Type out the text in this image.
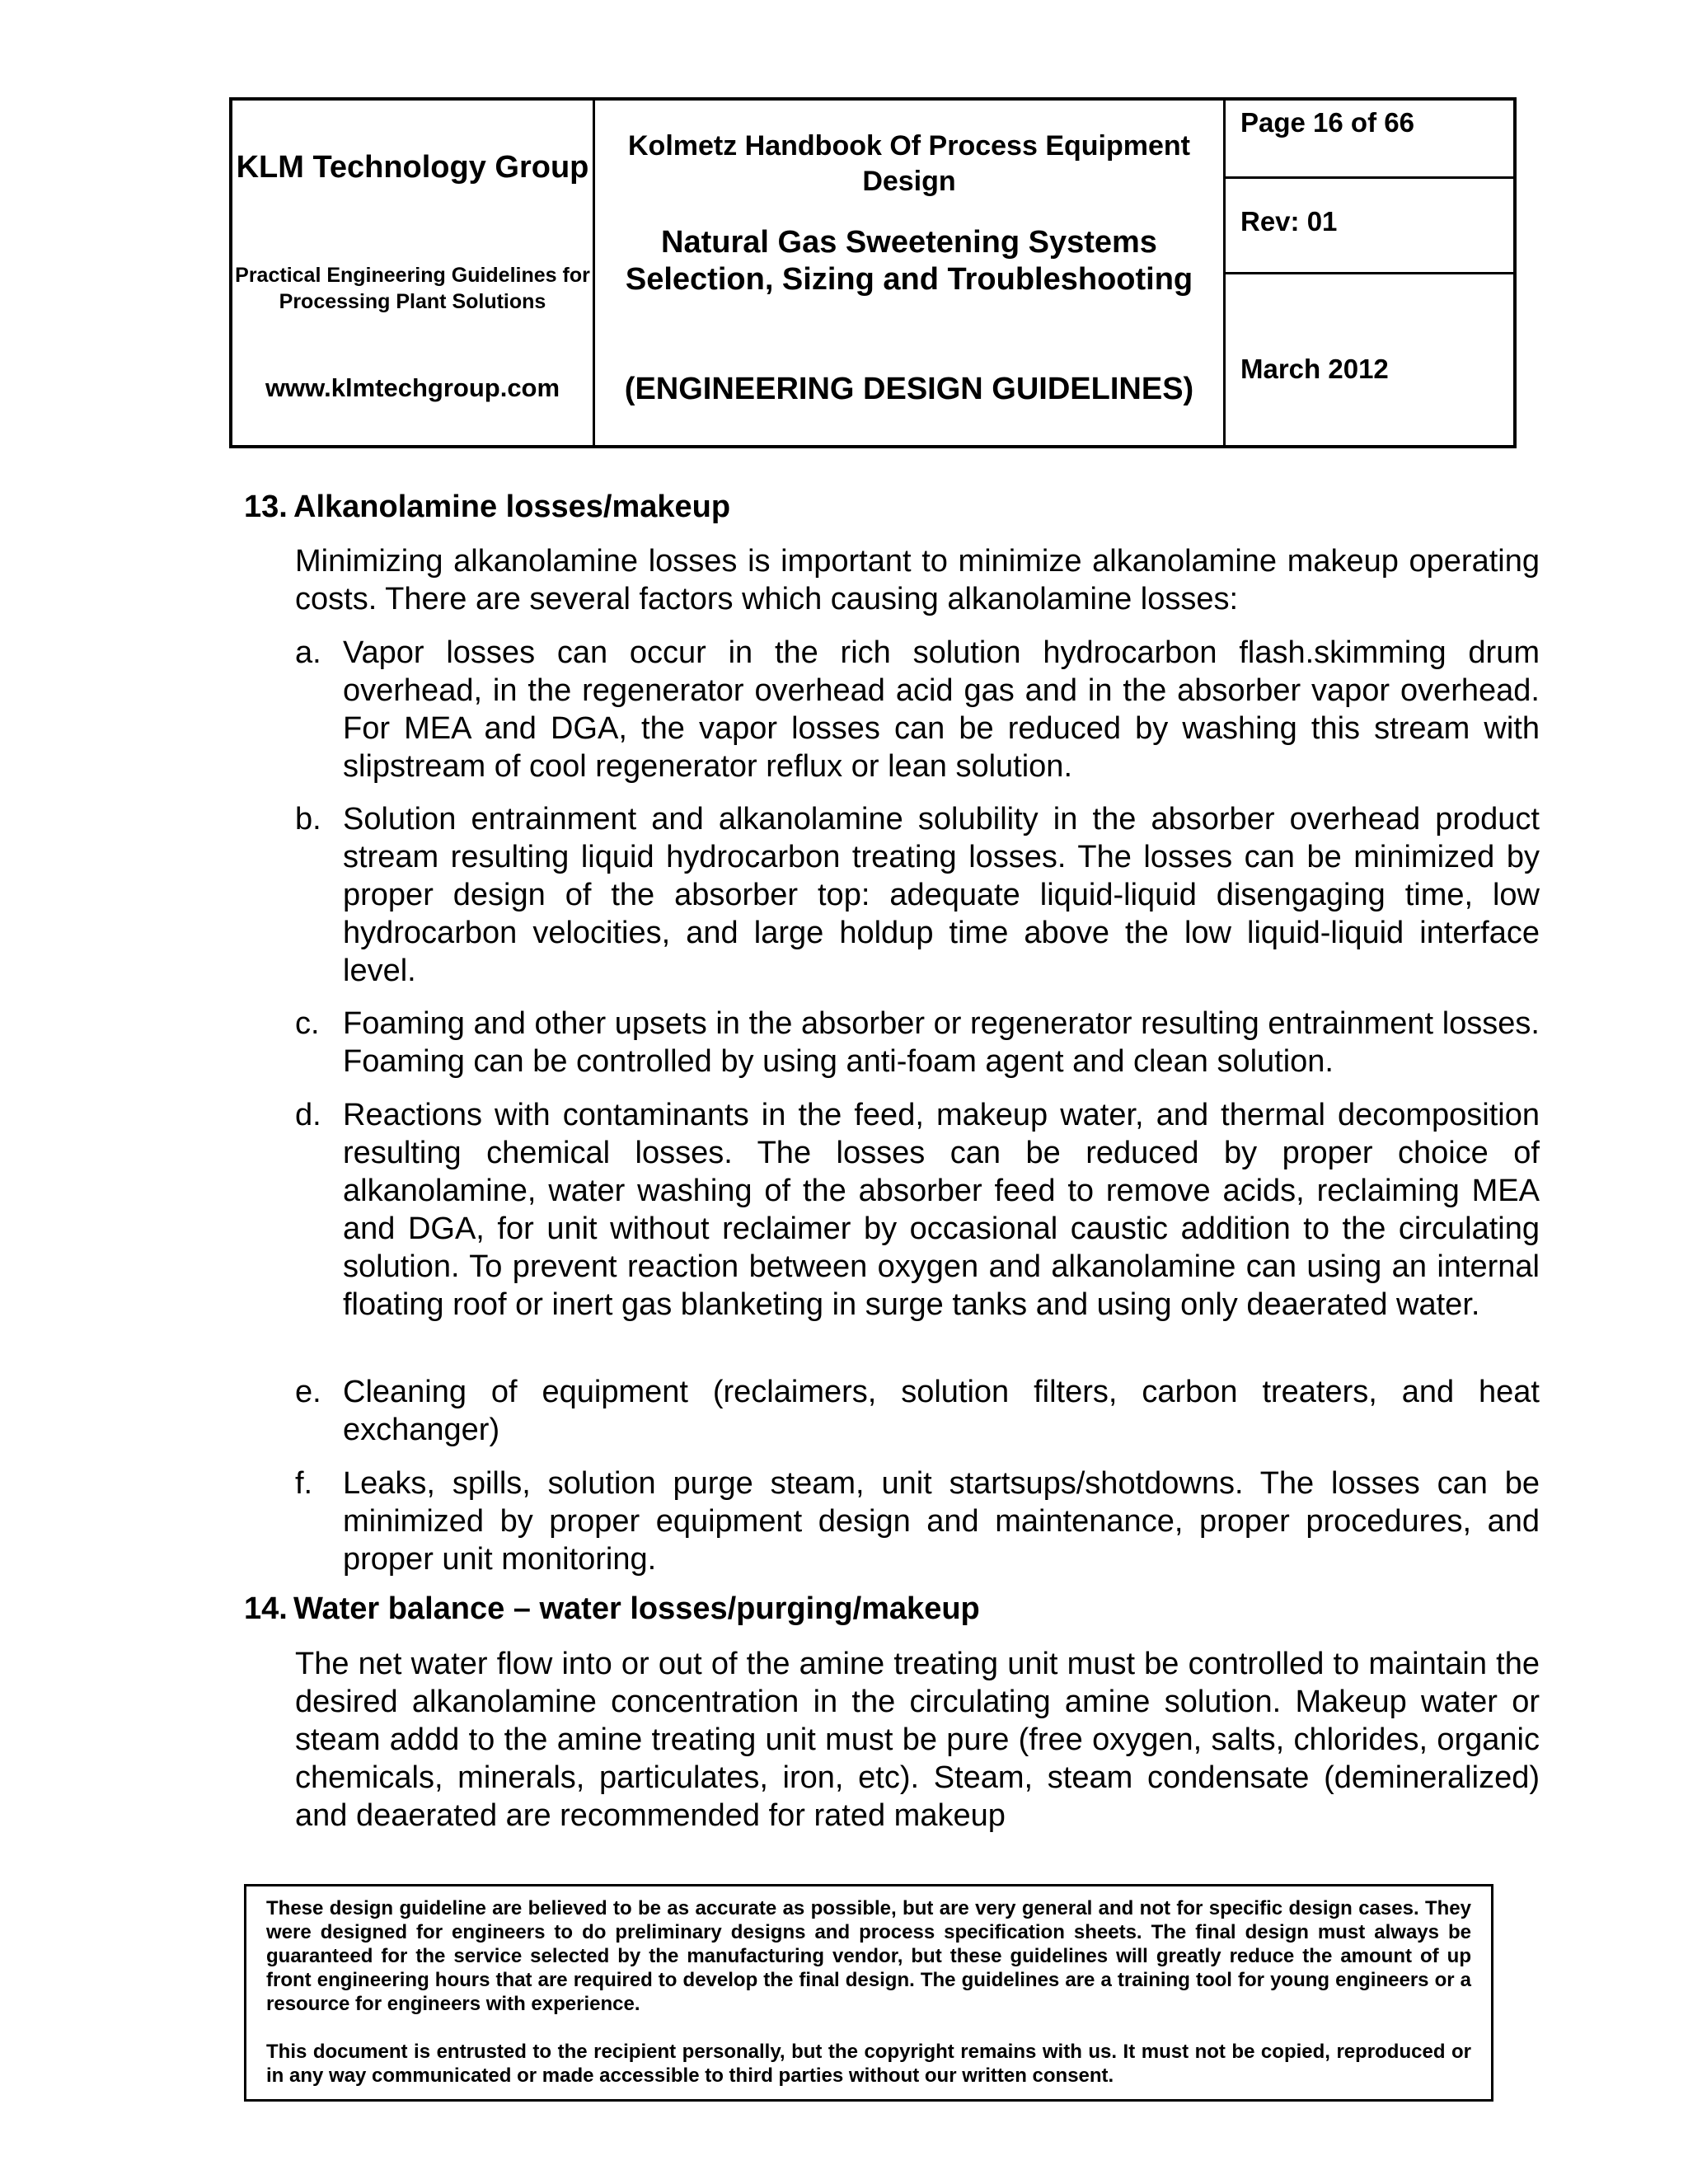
KLM Technology Group
Practical Engineering Guidelines for Processing Plant Solutions
www.klmtechgroup.com
Kolmetz Handbook Of Process Equipment Design
Natural Gas Sweetening Systems Selection, Sizing and Troubleshooting
(ENGINEERING DESIGN GUIDELINES)
Page 16 of 66
Rev: 01
March 2012
13. Alkanolamine losses/makeup
Minimizing alkanolamine losses is important to minimize alkanolamine makeup operating costs. There are several factors which causing alkanolamine losses:
a. Vapor losses can occur in the rich solution hydrocarbon flash.skimming drum overhead, in the regenerator overhead acid gas and in the absorber vapor overhead. For MEA and DGA, the vapor losses can be reduced by washing this stream with slipstream of cool regenerator reflux or lean solution.
b. Solution entrainment and alkanolamine solubility in the absorber overhead product stream resulting liquid hydrocarbon treating losses. The losses can be minimized by proper design of the absorber top: adequate liquid-liquid disengaging time, low hydrocarbon velocities, and large holdup time above the low liquid-liquid interface level.
c. Foaming and other upsets in the absorber or regenerator resulting entrainment losses. Foaming can be controlled by using anti-foam agent and clean solution.
d. Reactions with contaminants in the feed, makeup water, and thermal decomposition resulting chemical losses. The losses can be reduced by proper choice of alkanolamine, water washing of the absorber feed to remove acids, reclaiming MEA and DGA, for unit without reclaimer by occasional caustic addition to the circulating solution. To prevent reaction between oxygen and alkanolamine can using an internal floating roof or inert gas blanketing in surge tanks and using only deaerated water.
e. Cleaning of equipment (reclaimers, solution filters, carbon treaters, and heat exchanger)
f. Leaks, spills, solution purge steam, unit startsups/shotdowns. The losses can be minimized by proper equipment design and maintenance, proper procedures, and proper unit monitoring.
14. Water balance – water losses/purging/makeup
The net water flow into or out of the amine treating unit must be controlled to maintain the desired alkanolamine concentration in the circulating amine solution. Makeup water or steam addd to the amine treating unit must be pure (free oxygen, salts, chlorides, organic chemicals, minerals, particulates, iron, etc). Steam, steam condensate (demineralized) and deaerated are recommended for rated makeup

These design guideline are believed to be as accurate as possible, but are very general and not for specific design cases. They were designed for engineers to do preliminary designs and process specification sheets. The final design must always be guaranteed for the service selected by the manufacturing vendor, but these guidelines will greatly reduce the amount of up front engineering hours that are required to develop the final design. The guidelines are a training tool for young engineers or a resource for engineers with experience.

This document is entrusted to the recipient personally, but the copyright remains with us. It must not be copied, reproduced or in any way communicated or made accessible to third parties without our written consent.
